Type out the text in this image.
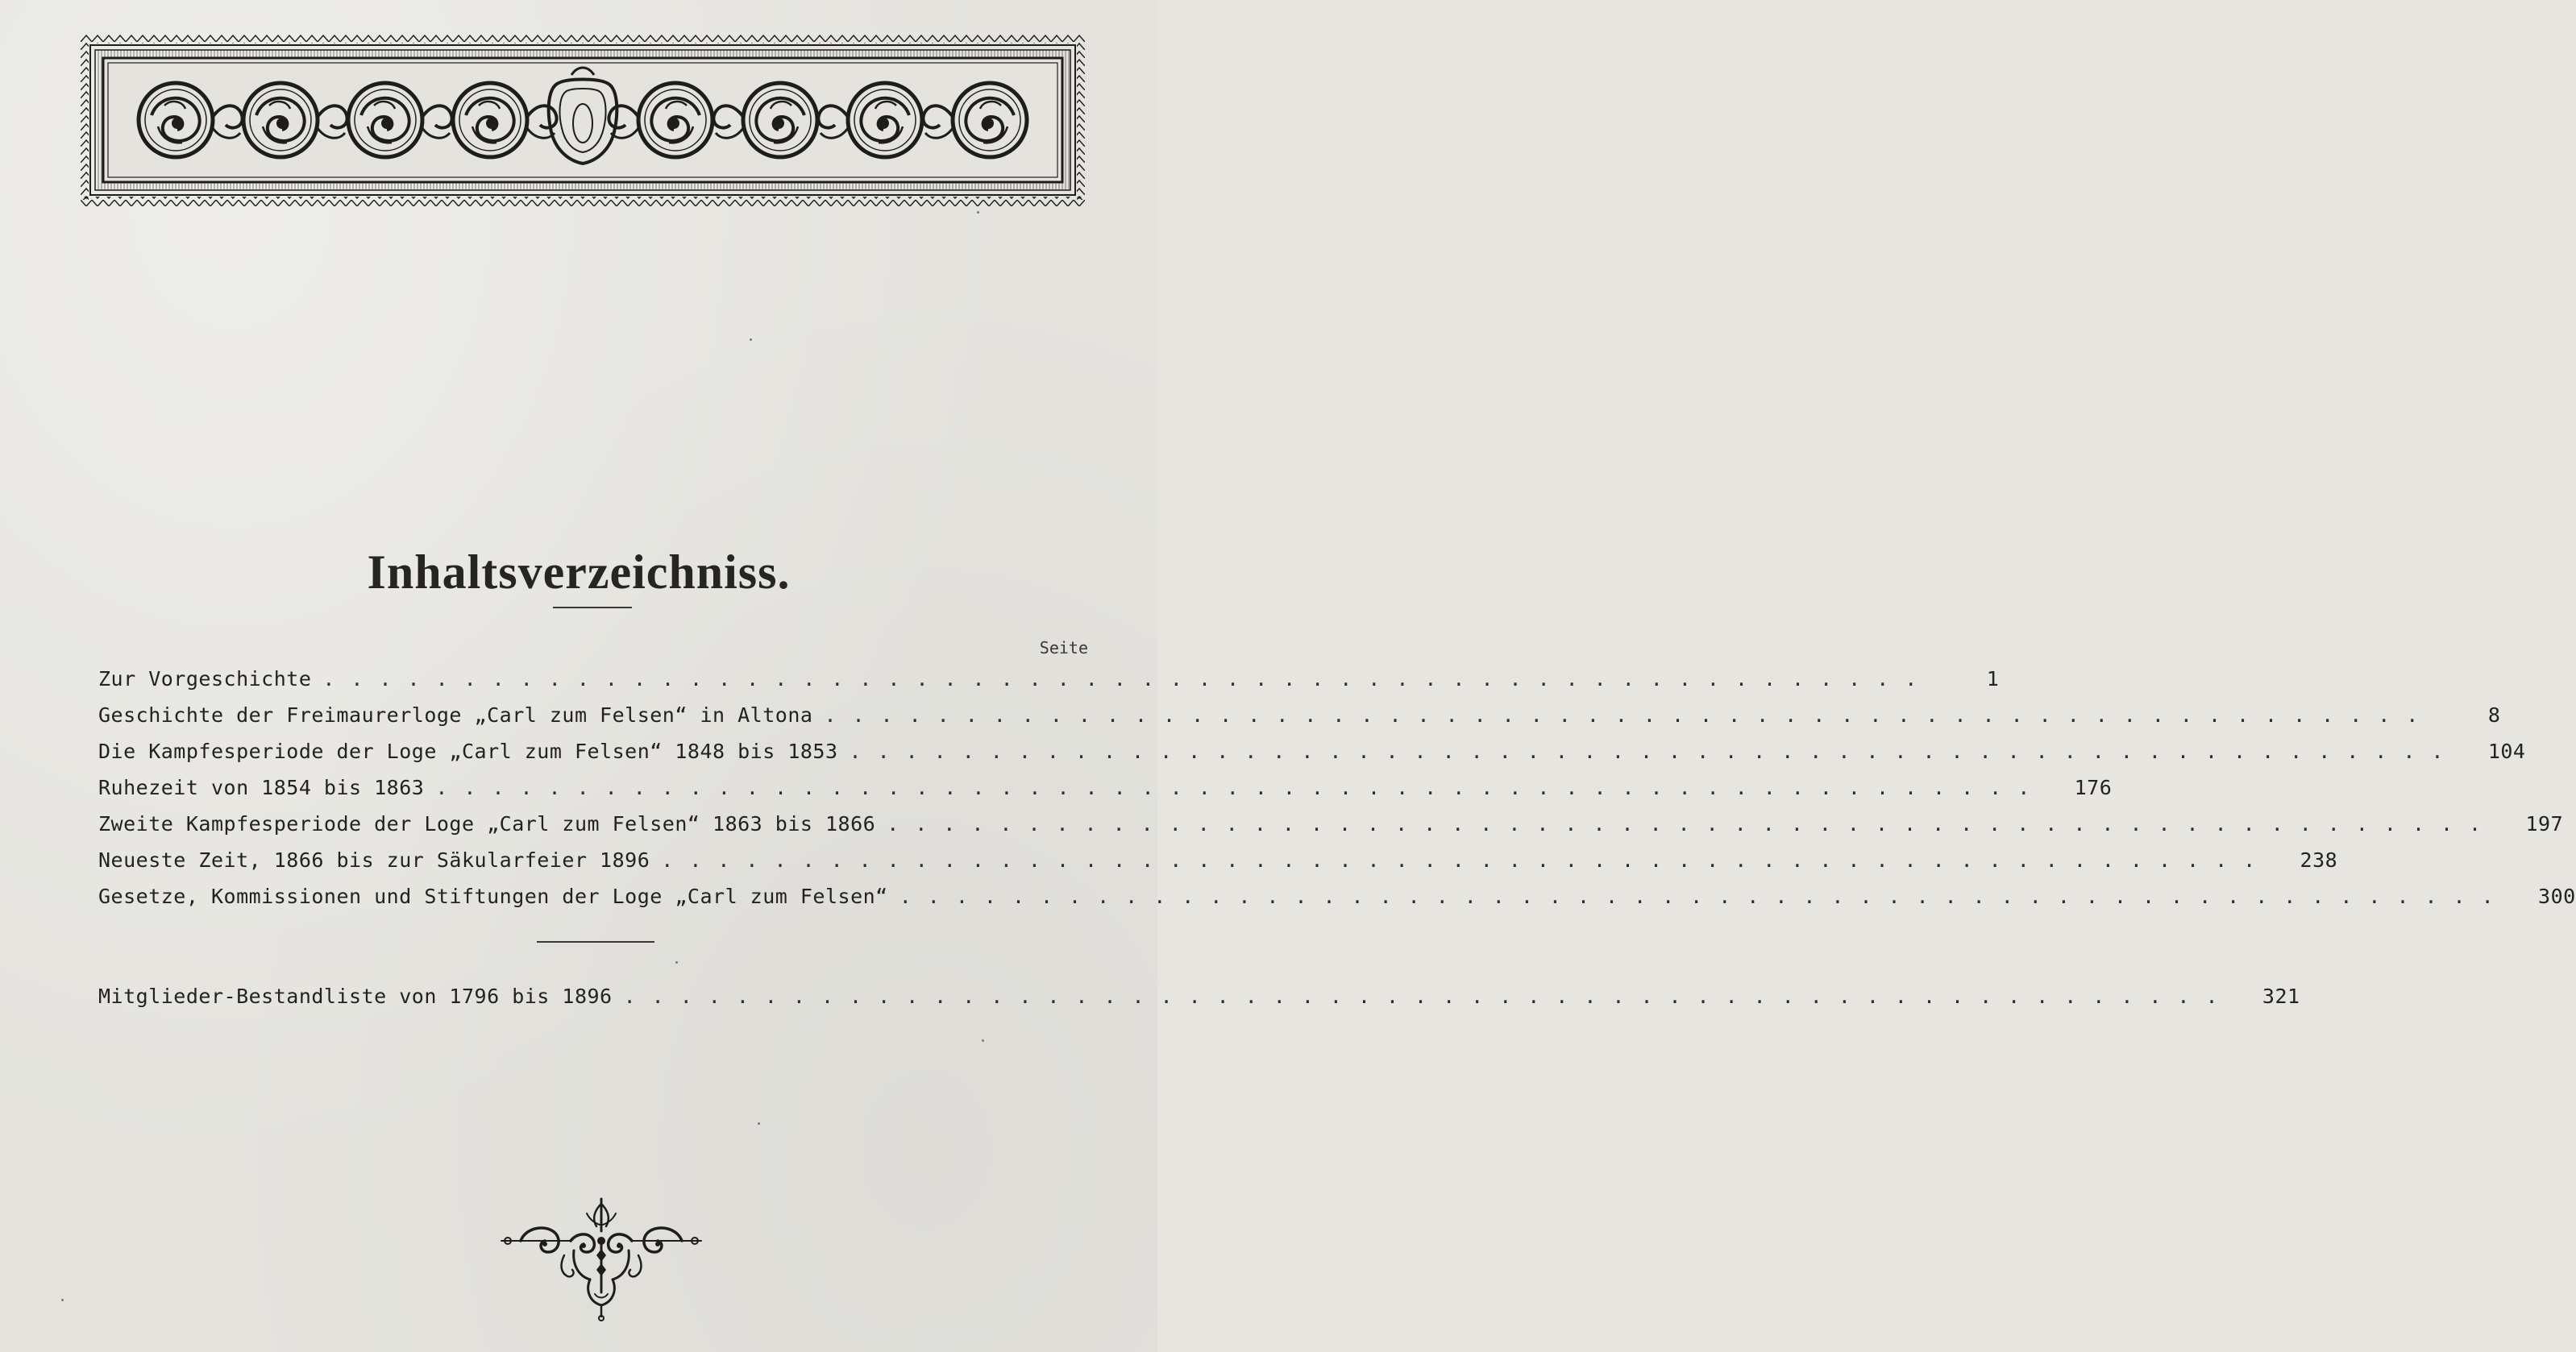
Inhaltsverzeichniss.
Seite
Zur Vorgeschichte .........................................................	1
Geschichte der Freimaurerloge „Carl zum Felsen“ in Altona .........................................................	8
Die Kampfesperiode der Loge „Carl zum Felsen“ 1848 bis 1853 .........................................................	104
Ruhezeit von 1854 bis 1863 .........................................................	176
Zweite Kampfesperiode der Loge „Carl zum Felsen“ 1863 bis 1866 .........................................................	197
Neueste Zeit, 1866 bis zur Säkularfeier 1896 .........................................................	238
Gesetze, Kommissionen und Stiftungen der Loge „Carl zum Felsen“ .........................................................	300
Mitglieder-Bestandliste von 1796 bis 1896 .........................................................	321
